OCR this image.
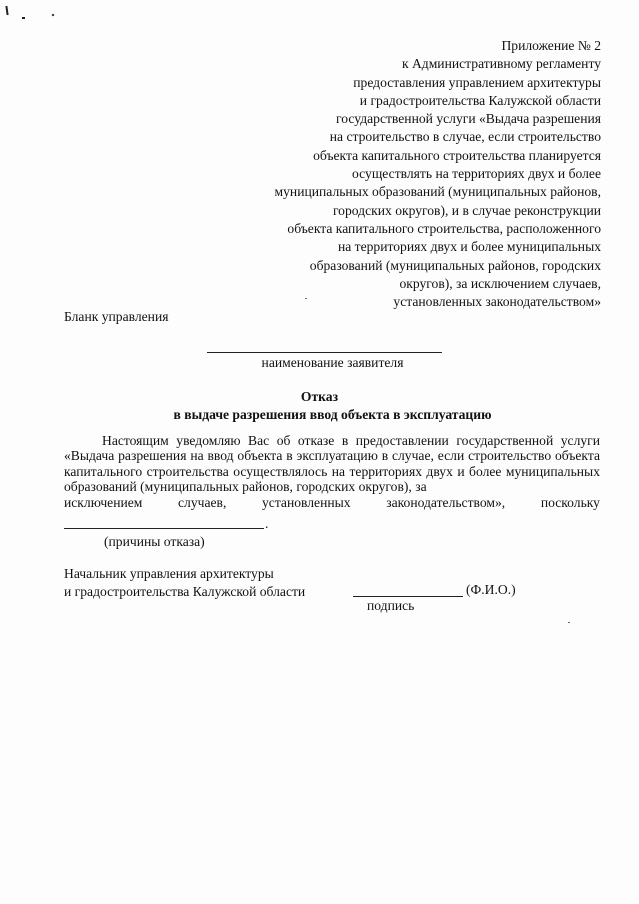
Приложение № 2
к Административному регламенту
предоставления управлением архитектуры
и градостроительства Калужской области
государственной услуги «Выдача разрешения
на строительство в случае, если строительство
объекта капитального строительства планируется
осуществлять на территориях двух и более
муниципальных образований (муниципальных районов,
городских округов), и в случае реконструкции
объекта капитального строительства, расположенного
на территориях двух и более муниципальных
образований (муниципальных районов, городских
округов), за исключением случаев,
установленных законодательством»
Бланк управления
наименование заявителя
Отказ
в выдаче разрешения ввод объекта в эксплуатацию
Настоящим уведомляю Вас об отказе в предоставлении государственной услуги «Выдача разрешения на ввод объекта в эксплуатацию в случае, если строительство объекта капитального строительства осуществлялось на территориях двух и более муниципальных образований (муниципальных районов, городских округов), за
исключением	случаев,	установленных	законодательством»,	поскольку
.
(причины отказа)
Начальник управления архитектуры
и градостроительства Калужской области	(Ф.И.О.)
подпись
